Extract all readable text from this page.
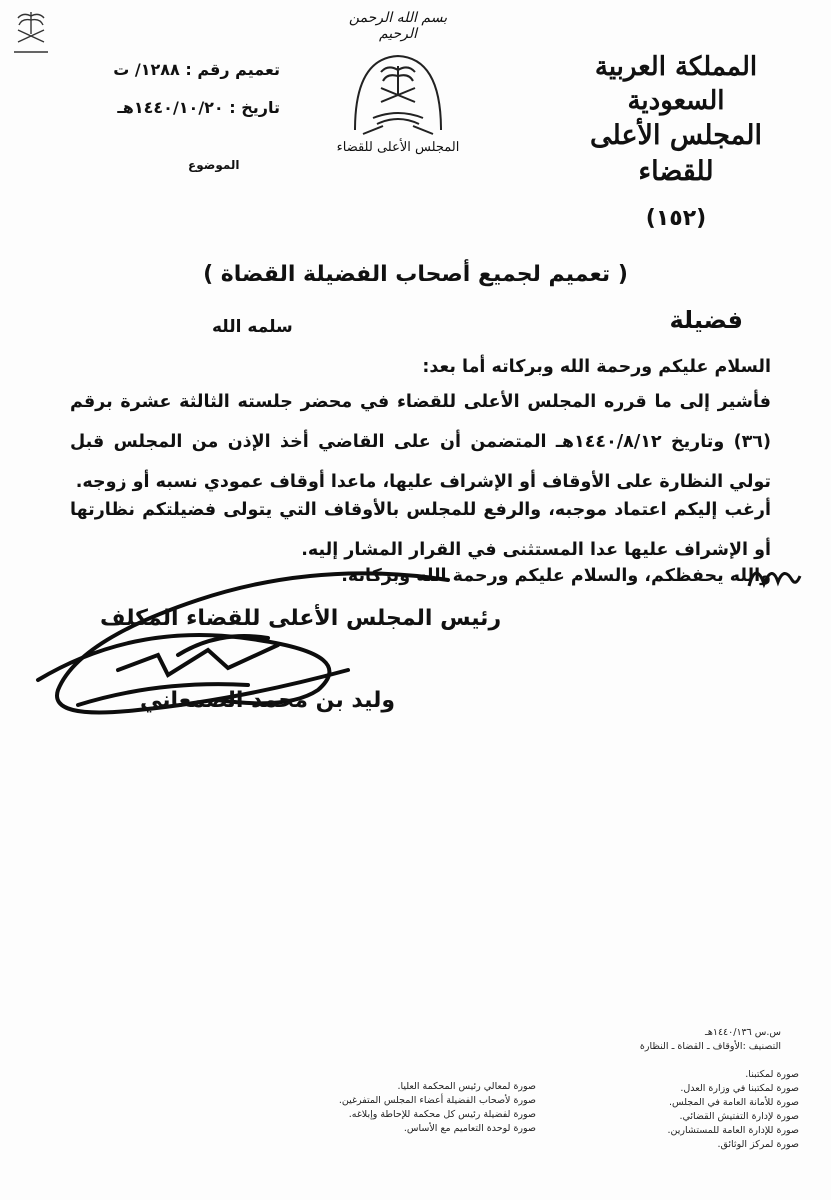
المملكة العربية السعودية
المجلس الأعلى للقضاء
(١٥٢)
بسم الله الرحمن الرحيم
المجلس الأعلى للقضاء
تعميم رقم : ١٢٨٨/ ت
تاريخ : ١٤٤٠/١٠/٢٠هـ
الموضوع
( تعميم لجميع أصحاب الفضيلة القضاة )
فضيلة
سلمه الله
السلام عليكم ورحمة الله وبركاته أما بعد:
فأشير إلى ما قرره المجلس الأعلى للقضاء في محضر جلسته الثالثة عشرة برقم (٣٦) وتاريخ ١٤٤٠/٨/١٢هـ المتضمن أن على القاضي أخذ الإذن من المجلس قبل تولي النظارة على الأوقاف أو الإشراف عليها، ماعدا أوقاف عمودي نسبه أو زوجه.
أرغب إليكم اعتماد موجبه، والرفع للمجلس بالأوقاف التي يتولى فضيلتكم نظارتها أو الإشراف عليها عدا المستثنى في القرار المشار إليه.
والله يحفظكم، والسلام عليكم ورحمة الله وبركاته.
رئيس المجلس الأعلى للقضاء المكلف
وليد بن محمد الصمعاني
س.س ١٤٤٠/١٣٦هـ
التصنيف :الأوقاف ـ القضاة ـ النظارة
صورة لمكتبنا.
صورة لمكتبنا في وزارة العدل.
صورة للأمانة العامة في المجلس.
صورة لإدارة التفتيش القضائي.
صورة للإدارة العامة للمستشارين.
صورة لمركز الوثائق.
صورة لمعالي رئيس المحكمة العليا.
صورة لأصحاب الفضيلة أعضاء المجلس المتفرغين.
صورة لفضيلة رئيس كل محكمة للإحاطة وإبلاغه.
صورة لوحدة التعاميم مع الأساس.
